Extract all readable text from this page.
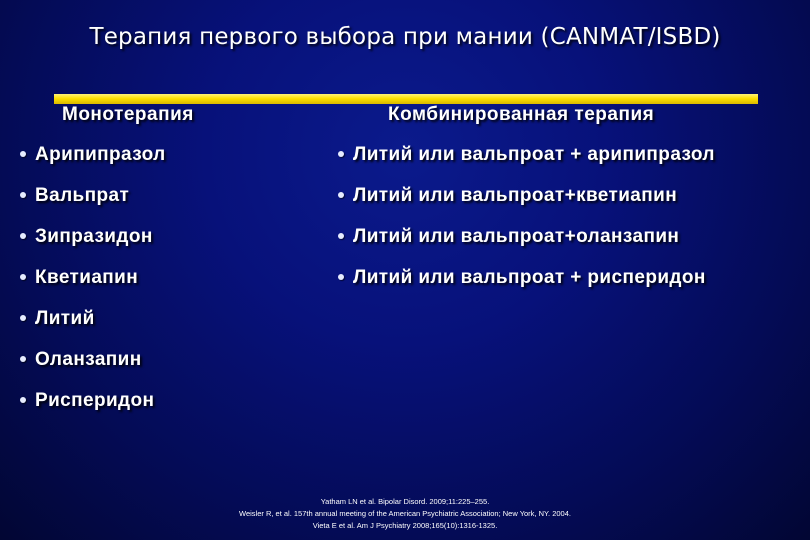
Терапия первого выбора при мании (CANMAT/ISBD)
Монотерапия	Комбинированная терапия
Арипипразол
Вальпрат
Зипразидон
Кветиапин
Литий
Оланзапин
Рисперидон
Литий или вальпроат + арипипразол
Литий или вальпроат+кветиапин
Литий или вальпроат+оланзапин
Литий или вальпроат + рисперидон
Yatham LN et al. Bipolar Disord. 2009;11:225–255.
Weisler R, et al. 157th annual meeting of the American Psychiatric Association; New York, NY. 2004.
Vieta E et al. Am J Psychiatry 2008;165(10):1316-1325.
